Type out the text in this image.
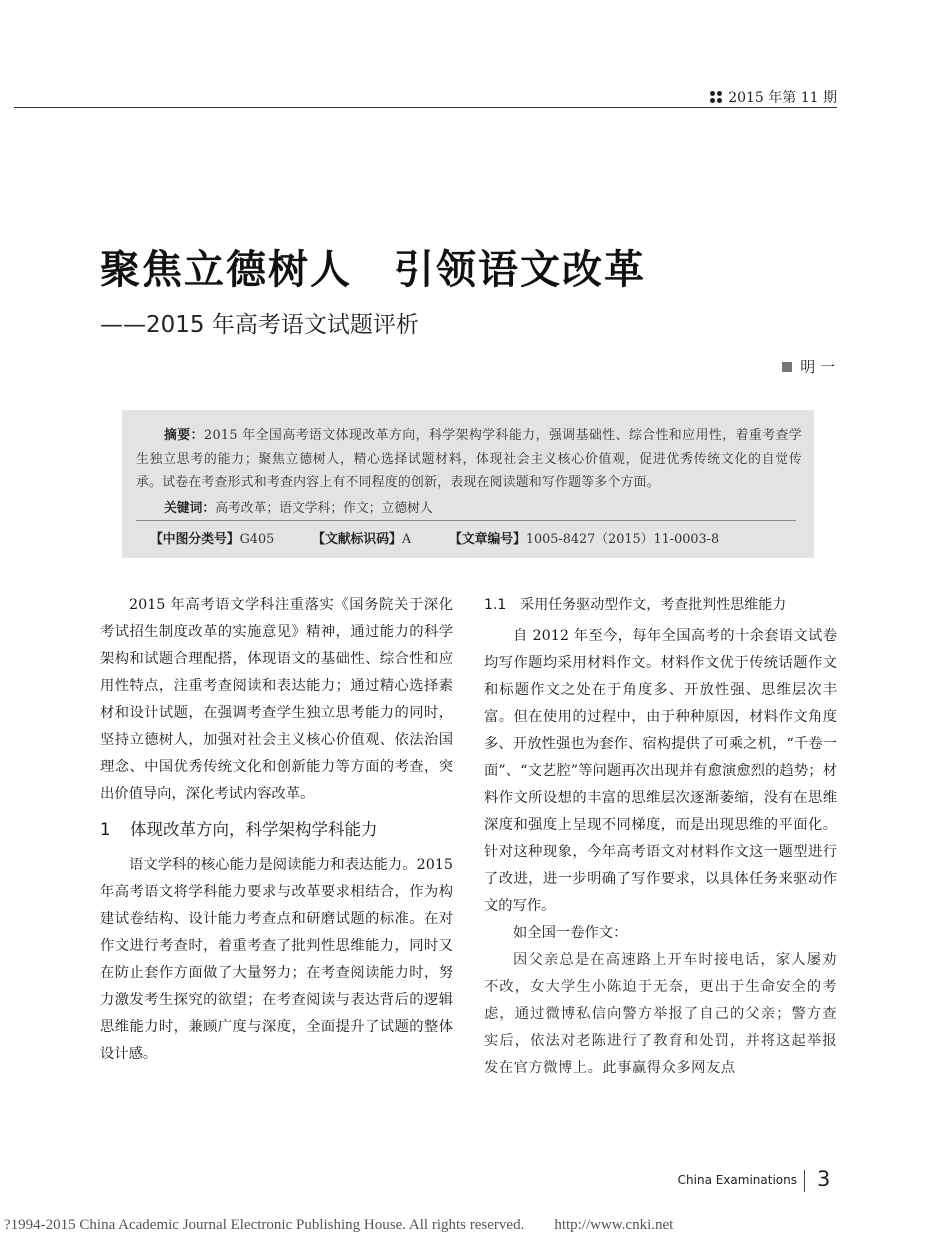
2015 年第 11 期
聚焦立德树人　引领语文改革
——2015 年高考语文试题评析
明 一
摘要：2015 年全国高考语文体现改革方向，科学架构学科能力，强调基础性、综合性和应用性，着重考查学生独立思考的能力；聚焦立德树人，精心选择试题材料，体现社会主义核心价值观，促进优秀传统文化的自觉传承。试卷在考查形式和考查内容上有不同程度的创新，表现在阅读题和写作题等多个方面。
关键词：高考改革；语文学科；作文；立德树人
【中图分类号】G405	【文献标识码】A	【文章编号】1005-8427（2015）11-0003-8

2015 年高考语文学科注重落实《国务院关于深化考试招生制度改革的实施意见》精神，通过能力的科学架构和试题合理配搭，体现语文的基础性、综合性和应用性特点，注重考查阅读和表达能力；通过精心选择素材和设计试题，在强调考查学生独立思考能力的同时，坚持立德树人，加强对社会主义核心价值观、依法治国理念、中国优秀传统文化和创新能力等方面的考查，突出价值导向，深化考试内容改革。

1 体现改革方向，科学架构学科能力

语文学科的核心能力是阅读能力和表达能力。2015 年高考语文将学科能力要求与改革要求相结合，作为构建试卷结构、设计能力考查点和研磨试题的标准。在对作文进行考查时，着重考查了批判性思维能力，同时又在防止套作方面做了大量努力；在考查阅读能力时，努力激发考生探究的欲望；在考查阅读与表达背后的逻辑思维能力时，兼顾广度与深度，全面提升了试题的整体设计感。

1.1　采用任务驱动型作文，考查批判性思维能力

自 2012 年至今，每年全国高考的十余套语文试卷均写作题均采用材料作文。材料作文优于传统话题作文和标题作文之处在于角度多、开放性强、思维层次丰富。但在使用的过程中，由于种种原因，材料作文角度多、开放性强也为套作、宿构提供了可乘之机，“千卷一面”、“文艺腔”等问题再次出现并有愈演愈烈的趋势；材料作文所设想的丰富的思维层次逐渐萎缩，没有在思维深度和强度上呈现不同梯度，而是出现思维的平面化。针对这种现象，今年高考语文对材料作文这一题型进行了改进，进一步明确了写作要求，以具体任务来驱动作文的写作。

如全国一卷作文：

因父亲总是在高速路上开车时接电话，家人屡劝不改，女大学生小陈迫于无奈，更出于生命安全的考虑，通过微博私信向警方举报了自己的父亲；警方查实后，依法对老陈进行了教育和处罚，并将这起举报发在官方微博上。此事赢得众多网友点

China Examinations 3
?1994-2015 China Academic Journal Electronic Publishing House. All rights reserved.　　http://www.cnki.net
